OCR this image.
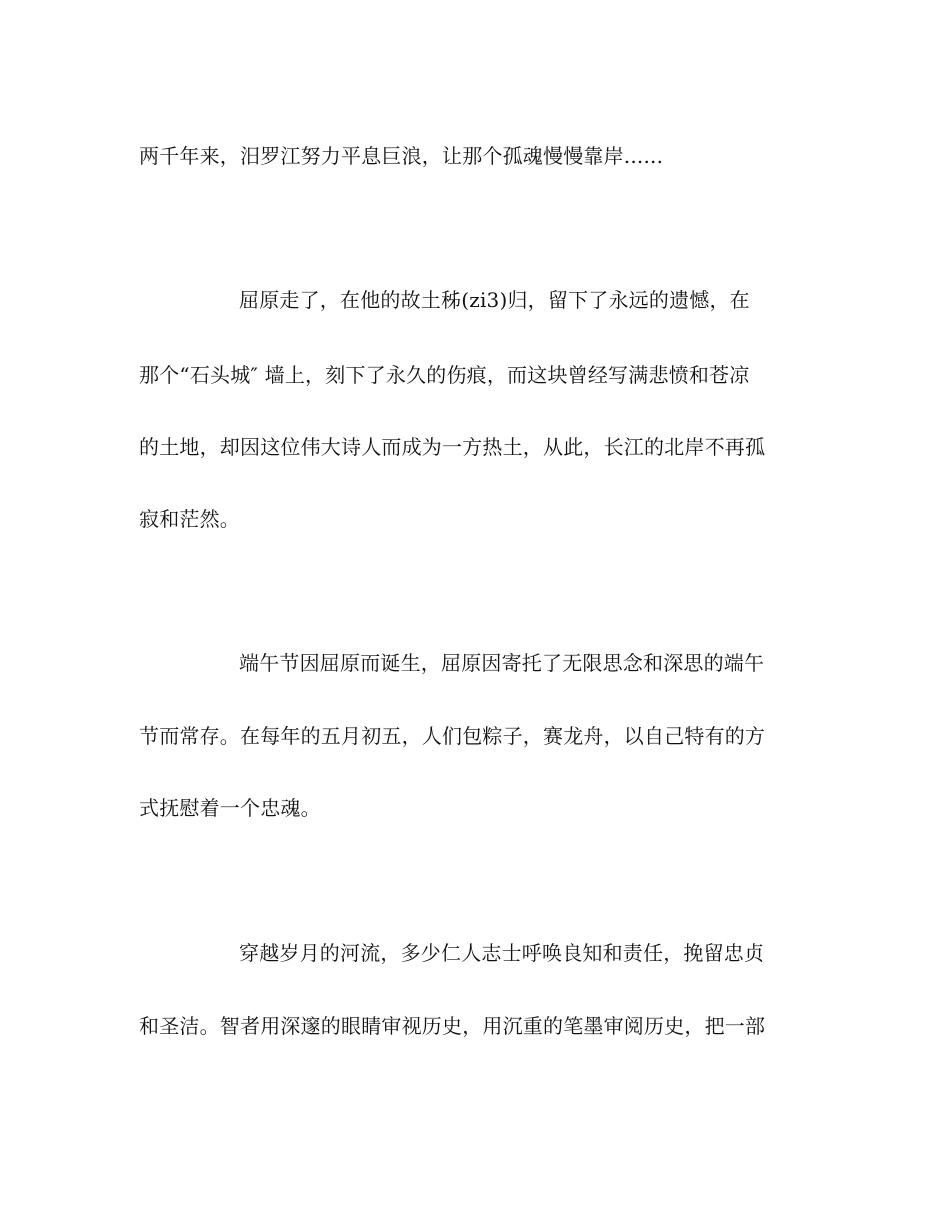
两千年来，汨罗江努力平息巨浪，让那个孤魂慢慢靠岸......

屈原走了，在他的故土秭(zi3)归，留下了永远的遗憾，在

那个“石头城″ 墙上，刻下了永久的伤痕，而这块曾经写满悲愤和苍凉

的土地，却因这位伟大诗人而成为一方热土，从此，长江的北岸不再孤

寂和茫然。

端午节因屈原而诞生，屈原因寄托了无限思念和深思的端午

节而常存。在每年的五月初五，人们包粽子，赛龙舟，以自己特有的方

式抚慰着一个忠魂。

穿越岁月的河流，多少仁人志士呼唤良知和责任，挽留忠贞

和圣洁。智者用深邃的眼睛审视历史，用沉重的笔墨审阅历史，把一部
